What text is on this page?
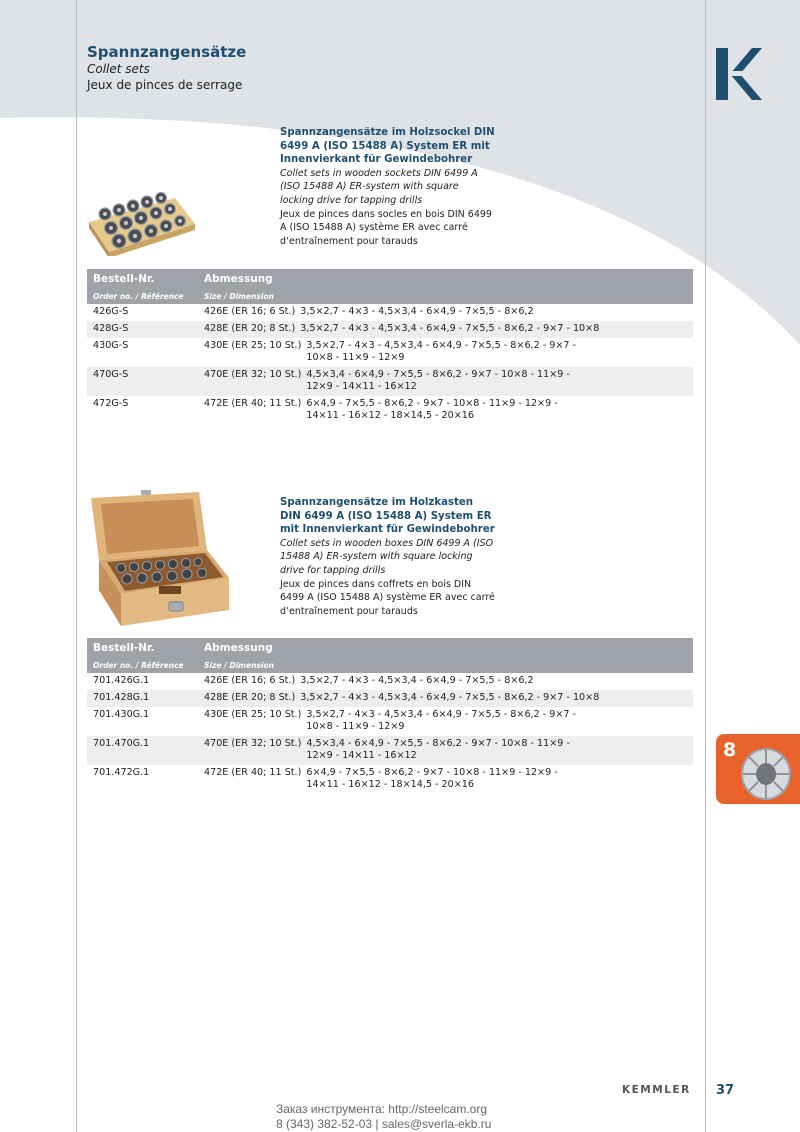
Spannzangensätze
Collet sets
Jeux de pinces de serrage
Spannzangensätze im Holzsockel DIN 6499 A (ISO 15488 A) System ER mit Innenvierkant für Gewindebohrer
Collet sets in wooden sockets DIN 6499 A (ISO 15488 A) ER-system with square locking drive for tapping drills
Jeux de pinces dans socles en bois DIN 6499 A (ISO 15488 A) système ER avec carré d’entraînement pour tarauds
Bestell-Nr.	Abmessung
Order no. / Référence	Size / Dimension
426G-S	426E (ER 16; 6 St.) 3,5×2,7 - 4×3 - 4,5×3,4 - 6×4,9 - 7×5,5 - 8×6,2
428G-S	428E (ER 20; 8 St.) 3,5×2,7 - 4×3 - 4,5×3,4 - 6×4,9 - 7×5,5 - 8×6,2 - 9×7 - 10×8
430G-S	430E (ER 25; 10 St.) 3,5×2,7 - 4×3 - 4,5×3,4 - 6×4,9 - 7×5,5 - 8×6,2 - 9×7 - 10×8 - 11×9 - 12×9
470G-S	470E (ER 32; 10 St.) 4,5×3,4 - 6×4,9 - 7×5,5 - 8×6,2 - 9×7 - 10×8 - 11×9 - 12×9 - 14×11 - 16×12
472G-S	472E (ER 40; 11 St.) 6×4,9 - 7×5,5 - 8×6,2 - 9×7 - 10×8 - 11×9 - 12×9 - 14×11 - 16×12 - 18×14,5 - 20×16
Spannzangensätze im Holzkasten DIN 6499 A (ISO 15488 A) System ER mit Innenvierkant für Gewindebohrer
Collet sets in wooden boxes DIN 6499 A (ISO 15488 A) ER-system with square locking drive for tapping drills
Jeux de pinces dans coffrets en bois DIN 6499 A (ISO 15488 A) système ER avec carré d’entraînement pour tarauds
Bestell-Nr.	Abmessung
Order no. / Référence	Size / Dimension
701.426G.1	426E (ER 16; 6 St.) 3,5×2,7 - 4×3 - 4,5×3,4 - 6×4,9 - 7×5,5 - 8×6,2
701.428G.1	428E (ER 20; 8 St.) 3,5×2,7 - 4×3 - 4,5×3,4 - 6×4,9 - 7×5,5 - 8×6,2 - 9×7 - 10×8
701.430G.1	430E (ER 25; 10 St.) 3,5×2,7 - 4×3 - 4,5×3,4 - 6×4,9 - 7×5,5 - 8×6,2 - 9×7 - 10×8 - 11×9 - 12×9
701.470G.1	470E (ER 32; 10 St.) 4,5×3,4 - 6×4,9 - 7×5,5 - 8×6,2 - 9×7 - 10×8 - 11×9 - 12×9 - 14×11 - 16×12
701.472G.1	472E (ER 40; 11 St.) 6×4,9 - 7×5,5 - 8×6,2 - 9×7 - 10×8 - 11×9 - 12×9 - 14×11 - 16×12 - 18×14,5 - 20×16
8
KEMMLER 37
Заказ инструмента: http://steelcam.org
8 (343) 382-52-03 | sales@sverla-ekb.ru
